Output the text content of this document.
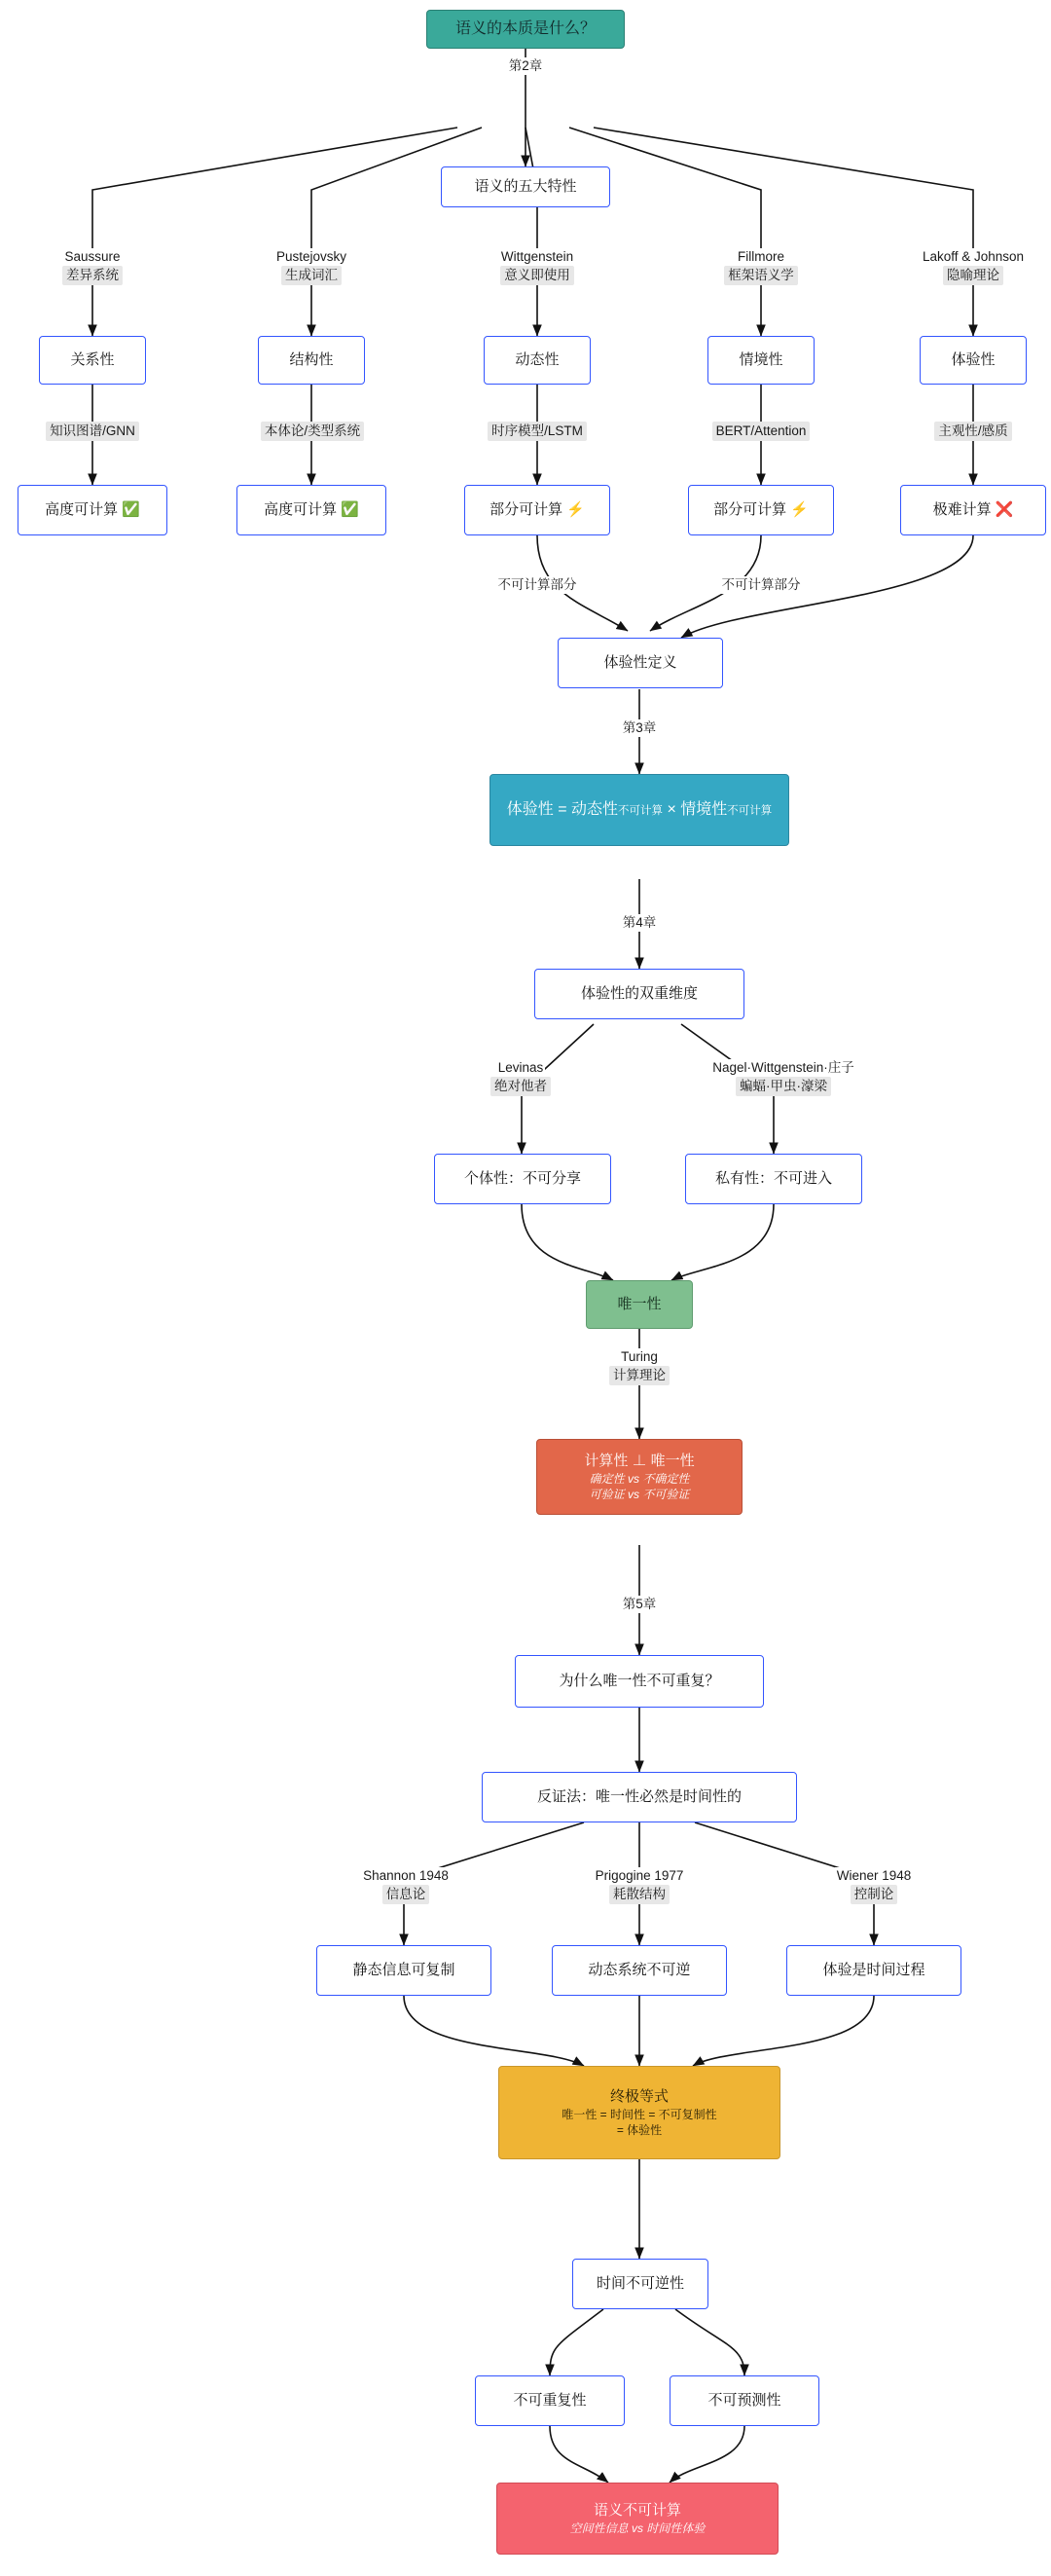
语义的本质是什么？
第2章
语义的五大特性
Saussure
差异系统
Pustejovsky
生成词汇
Wittgenstein
意义即使用
Fillmore
框架语义学
Lakoff & Johnson
隐喻理论
关系性	结构性	动态性	情境性	体验性
知识图谱/GNN	本体论/类型系统	时序模型/LSTM	BERT/Attention	主观性/感质
高度可计算 ✅	高度可计算 ✅	部分可计算 ⚡	部分可计算 ⚡	极难计算 ❌
不可计算部分	不可计算部分
体验性定义
第3章
体验性 = 动态性不可计算 × 情境性不可计算
第4章
体验性的双重维度
Levinas
绝对他者
Nagel·Wittgenstein·庄子
蝙蝠·甲虫·濠梁
个体性：不可分享	私有性：不可进入
唯一性
Turing
计算理论
计算性 ⊥ 唯一性
确定性 vs 不确定性
可验证 vs 不可验证
第5章
为什么唯一性不可重复？
反证法：唯一性必然是时间性的
Shannon 1948
信息论
Prigogine 1977
耗散结构
Wiener 1948
控制论
静态信息可复制	动态系统不可逆	体验是时间过程
终极等式
唯一性 = 时间性 = 不可复制性
= 体验性
时间不可逆性
不可重复性	不可预测性
语义不可计算
空间性信息 vs 时间性体验
